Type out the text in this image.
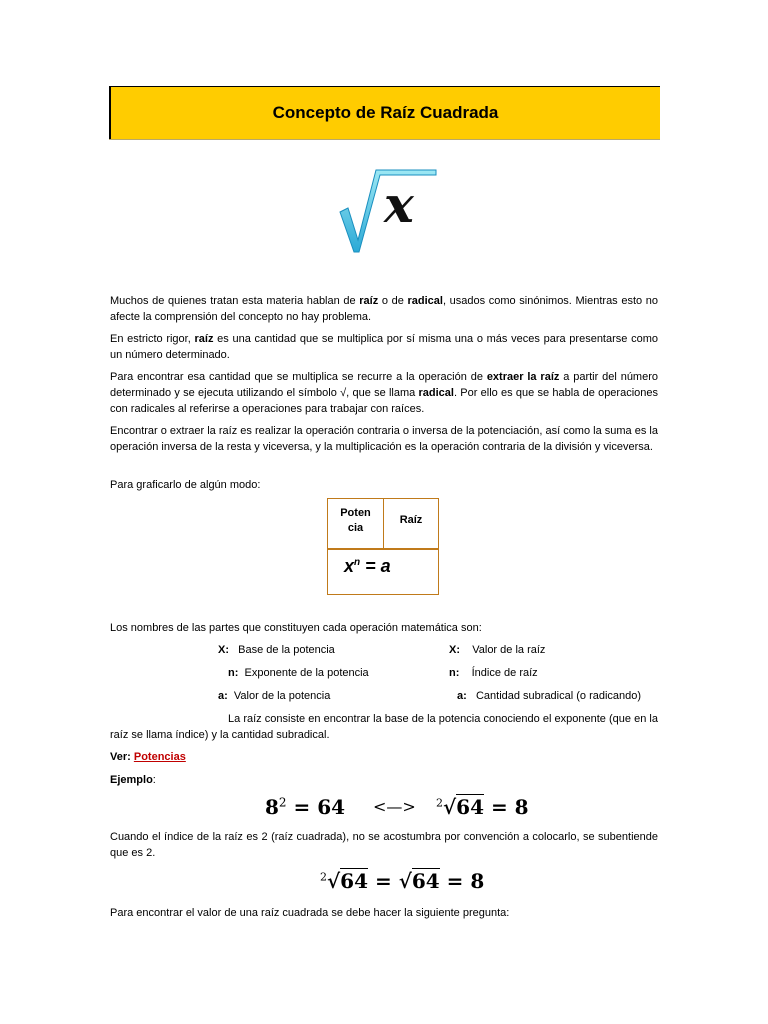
Concepto de Raíz Cuadrada
x
Muchos de quienes tratan esta materia hablan de raíz o de radical, usados como sinónimos. Mientras esto no afecte la comprensión del concepto no hay problema.
En estricto rigor, raíz es una cantidad que se multiplica por sí misma una o más veces para presentarse como un número determinado.
Para encontrar esa cantidad que se multiplica se recurre a la operación de extraer la raíz a partir del número determinado y se ejecuta utilizando el símbolo √, que se llama radical. Por ello es que se habla de operaciones con radicales al referirse a operaciones para trabajar con raíces.
Encontrar o extraer la raíz es realizar la operación contraria o inversa de la potenciación, así como la suma es la operación inversa de la resta y viceversa, y la multiplicación es la operación contraria de la división y viceversa.
Para graficarlo de algún modo:
Poten
cia
Raíz
$x^n = a$
Los nombres de las partes que constituyen cada operación matemática son:
X: Base de la potencia
n: Exponente de la potencia
a: Valor de la potencia
X: Valor de la raíz
n: Índice de raíz
a: Cantidad subradical (o radicando)
La raíz consiste en encontrar la base de la potencia conociendo el exponente (que en la raíz se llama índice) y la cantidad subradical.
Ver: Potencias
Ejemplo:
$8^2 = 64$ <—> $^2$√64 = 8
Cuando el índice de la raíz es 2 (raíz cuadrada), no se acostumbra por convención a colocarlo, se subentiende que es 2.
$^2$√64 = √64 = 8
Para encontrar el valor de una raíz cuadrada se debe hacer la siguiente pregunta:
